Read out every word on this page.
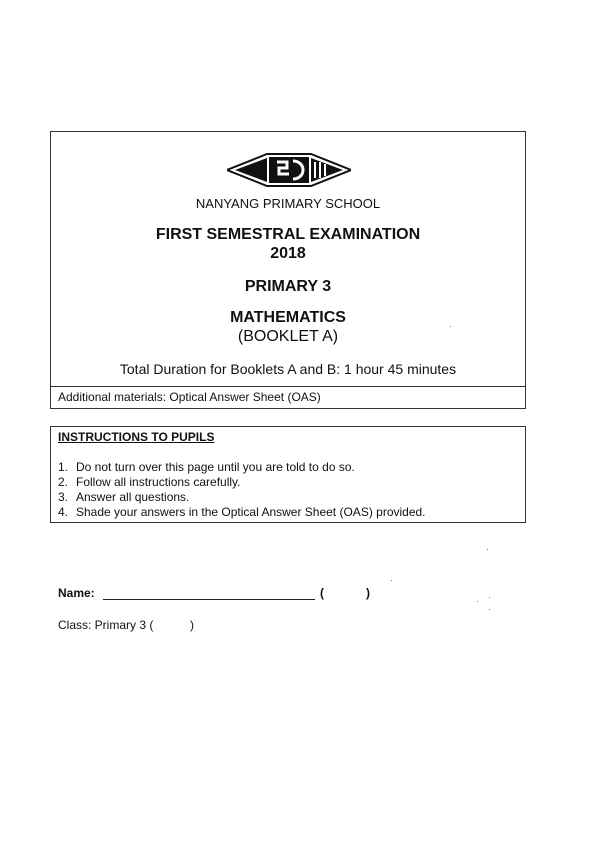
NANYANG PRIMARY SCHOOL
FIRST SEMESTRAL EXAMINATION
2018
PRIMARY 3
MATHEMATICS
(BOOKLET A)
Total Duration for Booklets A and B: 1 hour 45 minutes
Additional materials: Optical Answer Sheet (OAS)
INSTRUCTIONS TO PUPILS
1. Do not turn over this page until you are told to do so.
2. Follow all instructions carefully.
3. Answer all questions.
4. Shade your answers in the Optical Answer Sheet (OAS) provided.
Name:	(	)
Class: Primary 3 (	)
